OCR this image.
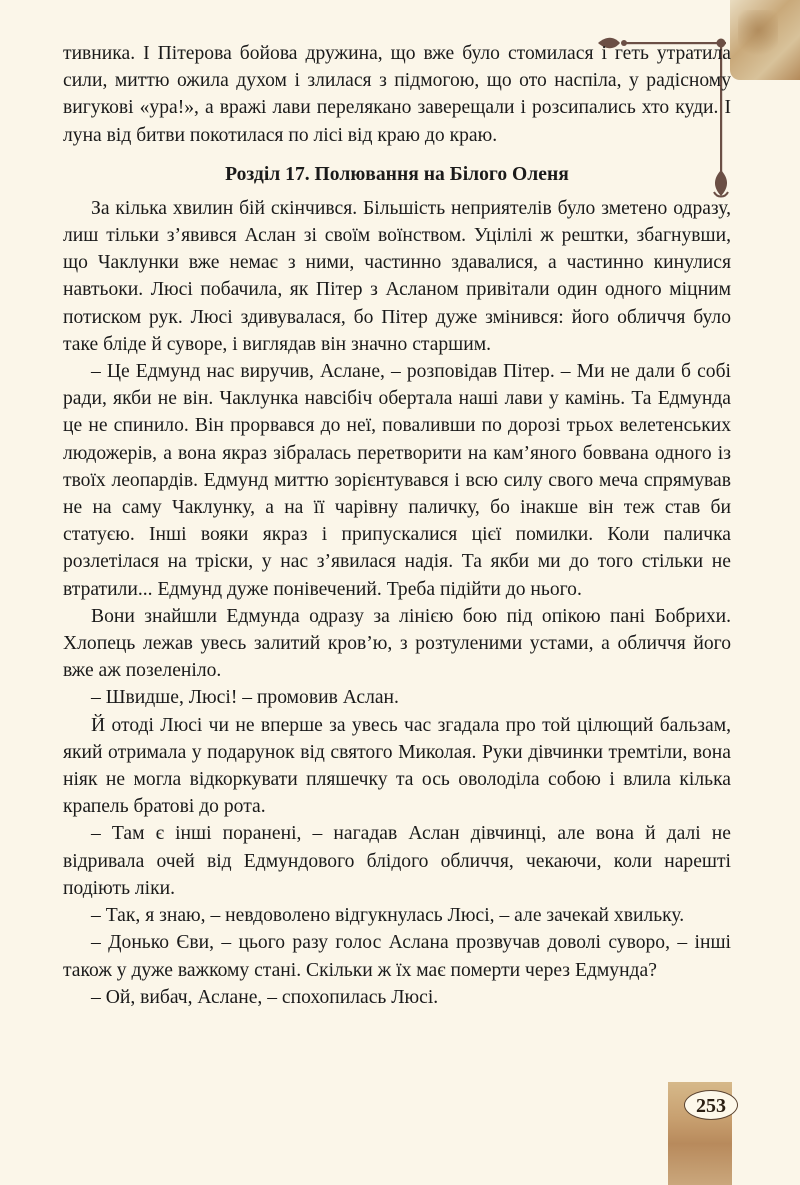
253

тивника. І Пітерова бойова дружина, що вже було стомилася і геть утратила сили, миттю ожила духом і злилася з підмогою, що ото наспіла, у радісному вигукові «ура!», а вражі лави перелякано заверещали і розсипались хто куди. І луна від битви покотилася по лісі від краю до краю.

Розділ 17. Полювання на Білого Оленя

За кілька хвилин бій скінчився. Більшість неприятелів було зметено одразу, лиш тільки з’явився Аслан зі своїм воїнством. Уцілілі ж рештки, збагнувши, що Чаклунки вже немає з ними, частинно здавалися, а частинно кинулися навтьоки. Люсі побачила, як Пітер з Асланом привітали один одного міцним потиском рук. Люсі здивувалася, бо Пітер дуже змінився: його обличчя було таке бліде й суворе, і виглядав він значно старшим.

– Це Едмунд нас виручив, Аслане, – розповідав Пітер. – Ми не дали б собі ради, якби не він. Чаклунка навсібіч обертала наші лави у камінь. Та Едмунда це не спинило. Він прорвався до неї, поваливши по дорозі трьох велетенських людожерів, а вона якраз зібралась перетворити на кам’яного боввана одного із твоїх леопардів. Едмунд миттю зорієнтувався і всю силу свого меча спрямував не на саму Чаклунку, а на її чарівну паличку, бо інакше він теж став би статуєю. Інші вояки якраз і припускалися цієї помилки. Коли паличка розлетілася на тріски, у нас з’явилася надія. Та якби ми до того стільки не втратили... Едмунд дуже понівечений. Треба підійти до нього.

Вони знайшли Едмунда одразу за лінією бою під опікою пані Бобрихи. Хлопець лежав увесь залитий кров’ю, з розтуленими устами, а обличчя його вже аж позеленіло.

– Швидше, Люсі! – промовив Аслан.

Й отоді Люсі чи не вперше за увесь час згадала про той цілющий бальзам, який отримала у подарунок від святого Миколая. Руки дівчинки тремтіли, вона ніяк не могла відкоркувати пляшечку та ось оволоділа собою і влила кілька крапель братові до рота.

– Там є інші поранені, – нагадав Аслан дівчинці, але вона й далі не відривала очей від Едмундового блідого обличчя, чекаючи, коли нарешті подіють ліки.

– Так, я знаю, – невдоволено відгукнулась Люсі, – але зачекай хвильку.

– Донько Єви, – цього разу голос Аслана прозвучав доволі суворо, – інші також у дуже важкому стані. Скільки ж їх має померти через Едмунда?

– Ой, вибач, Аслане, – спохопилась Люсі.
